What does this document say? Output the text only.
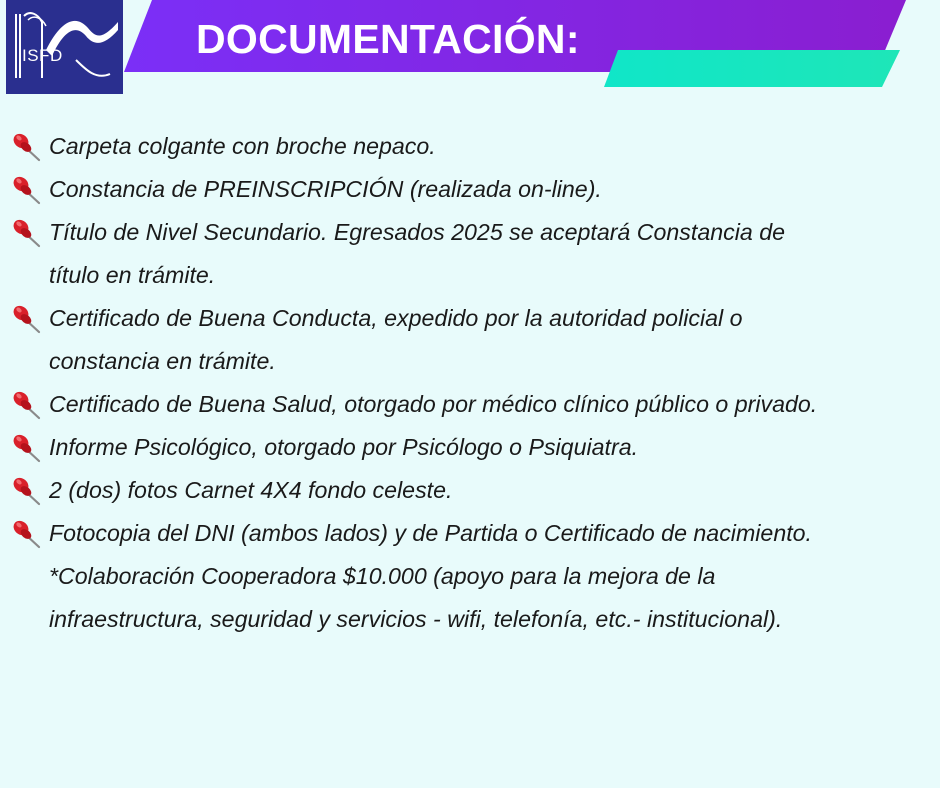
ISFD	DOCUMENTACIÓN:
Carpeta colgante con broche nepaco.
Constancia de PREINSCRIPCIÓN (realizada on-line).
Título de Nivel Secundario. Egresados 2025 se aceptará Constancia de
título en trámite.
Certificado de Buena Conducta, expedido por la autoridad policial o
constancia en trámite.
Certificado de Buena Salud, otorgado por médico clínico público o privado.
Informe Psicológico, otorgado por Psicólogo o Psiquiatra.
2 (dos) fotos Carnet 4X4 fondo celeste.
Fotocopia del DNI (ambos lados) y de Partida o Certificado de nacimiento.
*Colaboración Cooperadora $10.000 (apoyo para la mejora de la
infraestructura, seguridad y servicios - wifi, telefonía, etc.- institucional).
